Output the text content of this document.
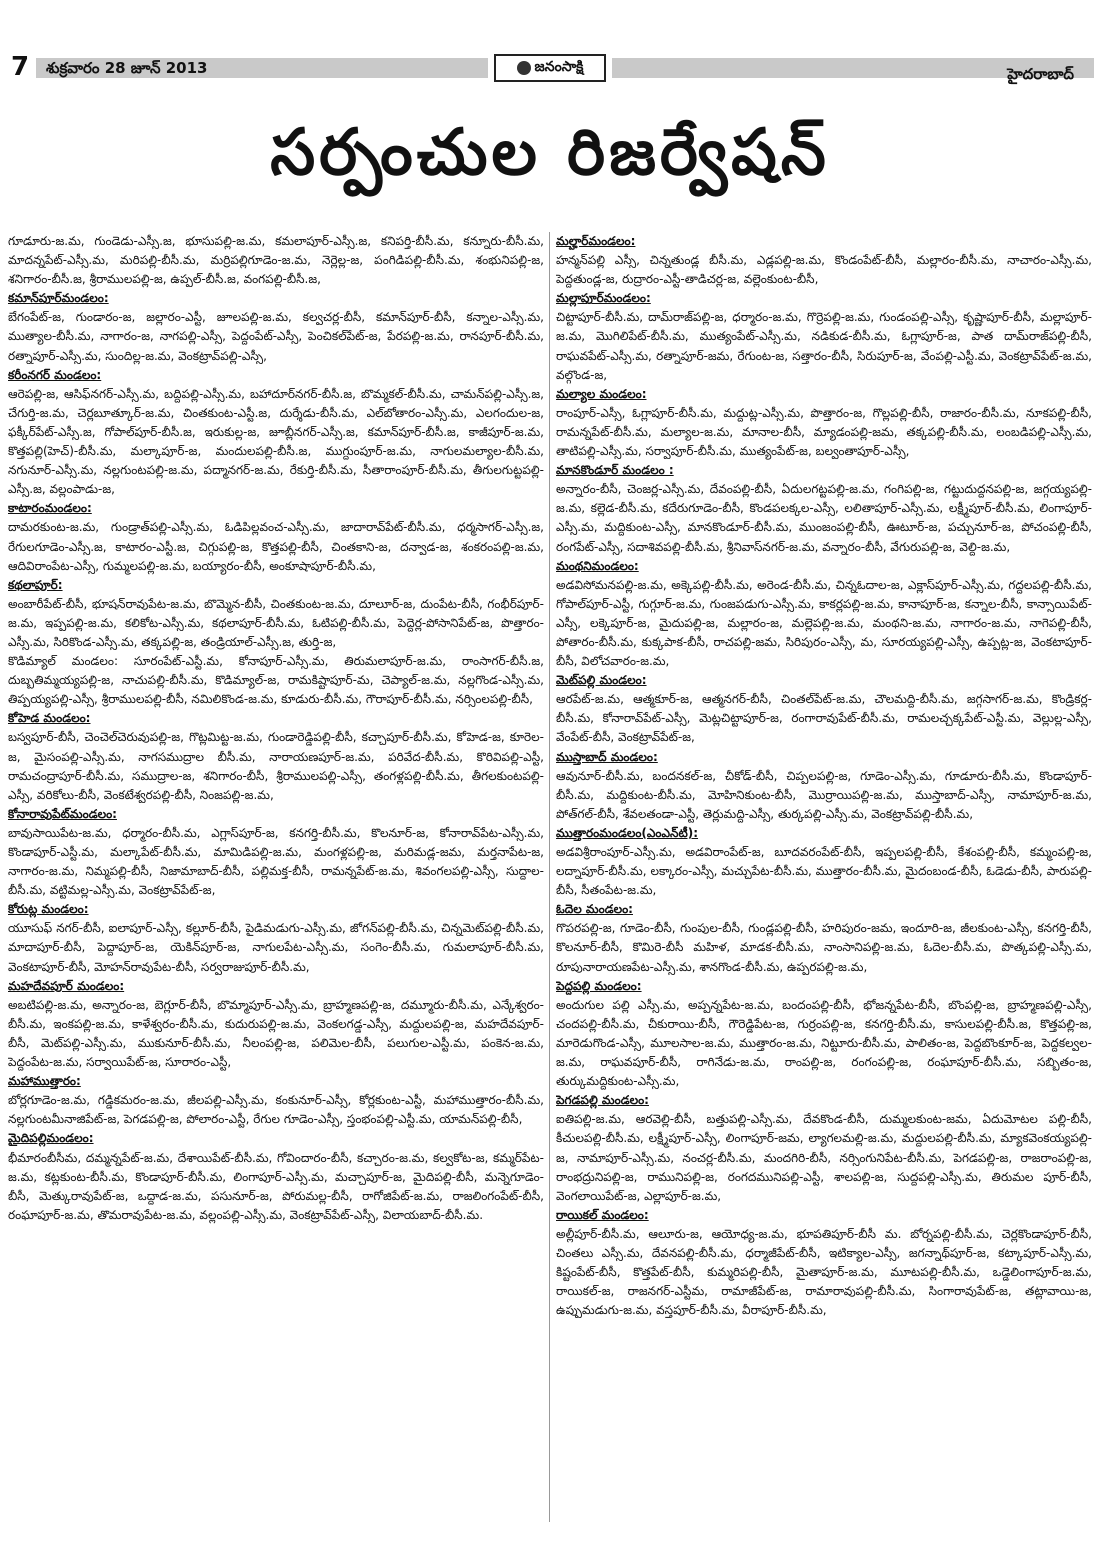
7	శుక్రవారం 28 జూన్ 2013	జనంసాక్షి	హైదరాబాద్
సర్పంచుల రిజర్వేషన్
గూడూరు-జ.మ, గుండెడు-ఎస్సీ.జ, భూసుపల్లి-జ.మ, కమలాపూర్-ఎస్సీ.జ, కనిపర్తి-బీసీ.మ, కన్నూరు-బీసీ.మ, మాదన్నపేట్-ఎస్సీ.మ, మరిపల్లి-బీసీ.మ, మర్రిపల్లిగూడెం-జ.మ, నెర్లెల్ల-జ, పంగిడిపల్లి-బీసీ.మ, శంభునిపల్లి-జ, శనిగారం-బీసీ.జ, శ్రీరాములపల్లి-జ, ఉప్పల్-బీసీ.జ, వంగపల్లి-బీసీ.జ,
కమాన్‌పూర్‌మండలం:
బేగంపేట్-జ, గుండారం-జ, జల్లారం-ఎస్టీ, జూలపల్లి-జ.మ, కల్వచర్ల-బీసీ, కమాన్‌పూర్-బీసీ, కన్నాల-ఎస్సీ.మ, ముత్యాల-బీసీ.మ, నాగారం-జ, నాగపల్లి-ఎస్సీ, పెద్దంపేట్-ఎస్సీ, పెంచికల్‌పేట్-జ, పేరపల్లి-జ.మ, రానపూర్-బీసీ.మ, రత్నాపూర్-ఎస్సీ.మ, సుందిల్ల-జ.మ, వెంకట్రావ్‌పల్లి-ఎస్సీ,
కరీంనగర్ మండలం:
ఆరెపల్లి-జ, ఆసిఫ్‌నగర్-ఎస్సీ.మ, బద్దిపల్లి-ఎస్సీ.మ, బహాదూర్‌నగర్-బీసీ.జ, బొమ్మకల్-బీసీ.మ, చామన్‌పల్లి-ఎస్సీ.జ, చేగుర్తి-జ.మ, చెర్లబూత్కూర్-జ.మ, చింతకుంట-ఎస్టీ.జ, దుర్శేడు-బీసీ.మ, ఎల్‌బోతారం-ఎస్సీ.మ, ఎలగందుల-జ, ఫక్కీర్‌పేట్-ఎస్సీ.జ, గోపాల్‌పూర్-బీసీ.జ, ఇరుకుల్ల-జ, జూబ్లీనగర్-ఎస్సీ.జ, కమాన్‌పూర్-బీసీ.జ, కాజీపూర్-జ.మ, కొత్తపల్లి(హెచ్)-బీసీ.మ, మల్కాపూర్-జ, మందులపల్లి-బీసీ.జ, ముగ్దుంపూర్-జ.మ, నాగులమల్యాల-బీసీ.మ, నగునూర్-ఎస్సీ.మ, నల్లగుంటపల్లి-జ.మ, పద్మానగర్-జ.మ, రేకుర్తి-బీసీ.మ, సీతారాంపూర్-బీసీ.మ, తీగులగుట్టపల్లి-ఎస్సీ.జ, వల్లంపాడు-జ,
కాటారంమండలం:
దామరకుంట-జ.మ, గుండ్రాత్‌పల్లి-ఎస్సీ.మ, ఓడిపిల్లవంచ-ఎస్సీ.మ, జాదారావ్‌పేట్-బీసీ.మ, ధర్మసాగర్-ఎస్సీ.జ, రేగులగూడెం-ఎస్సీ.జ, కాటారం-ఎస్టీ.జ, చిగ్గుపల్లి-జ, కొత్తపల్లి-బీసీ, చింతకాని-జ, దన్వాడ-జ, శంకరంపల్లి-జ.మ, ఆదివిరాంపేట-ఎస్సీ, గుమ్మలపల్లి-జ.మ, బయ్యారం-బీసీ, అంకూషాపూర్-బీసీ.మ,
కథలాపూర్:
అంబారీపేట్-బీసీ, భూషన్‌రావుపేట-జ.మ, బొమ్మెన-బీసీ, చింతకుంట-జ.మ, దూలూర్-జ, దుంపేట-బీసీ, గంభీర్‌పూర్-జ.మ, ఇప్పపల్లి-జ.మ, కలికోట-ఎస్సీ.మ, కథలాపూర్-బీసీ.మ, ఓటిపల్లి-బీసీ.మ, పెద్దెర్ల-పోసానిపేట్-జ, పొత్తారం-ఎస్సీ.మ, సిరికొండ-ఎస్సీ.మ, తక్కపల్లి-జ, తండ్రియాల్-ఎస్సీ.జ, తుర్తి-జ,
కొడిమ్యాల్ మండలం: సూరంపేట్-ఎస్టీ.మ, కోనాపూర్-ఎస్సీ.మ, తిరుమలాపూర్-జ.మ, రాంసాగర్-బీసీ.జ, దుబ్బతిమ్మయ్యపల్లి-జ, నాచుపల్లి-బీసీ.మ, కొడిమ్యాల్-జ, రామకిష్టాపూర్-మ, చెప్యాల్-జ.మ, నల్లగొండ-ఎస్సీ.మ, తిప్పయ్యపల్లి-ఎస్సీ, శ్రీరాములపల్లి-బీసీ, నమిలికొండ-జ.మ, కూడురు-బీసీ.మ, గౌరాపూర్-బీసీ.మ, నర్సింలపల్లి-బీసీ,
కోహెడ మండలం:
బస్వపూర్-బీసీ, చెంచెల్‌చెరువుపల్లి-జ, గొట్లమిట్ట-జ.మ, గుండారెడ్డిపల్లి-బీసీ, కచ్చాపూర్-బీసీ.మ, కోహెడ-జ, కూరెల-జ, మైసంపల్లి-ఎస్సీ.మ, నాగసముద్రాల బీసీ.మ, నారాయణపూర్-జ.మ, పరివేద-బీసీ.మ, కొరివిపల్లి-ఎస్టీ, రామచంద్రాపూర్-బీసీ.మ, సముద్రాల-జ, శనిగారం-బీసీ, శ్రీరాములపల్లి-ఎస్సీ, తంగళ్లపల్లి-బీసీ.మ, తీగలకుంటపల్లి-ఎస్సీ, వరికోలు-బీసీ, వెంకటేశ్వరపల్లి-బీసీ, నింజపల్లి-జ.మ,
కోనారావుపేట్‌మండలం:
బావుసాయిపేట-జ.మ, ధర్మారం-బీసీ.మ, ఎగ్లాస్‌పూర్-జ, కనగర్తి-బీసీ.మ, కొలనూర్-జ, కోనారావ్‌పేట-ఎస్సీ.మ, కొండాపూర్-ఎస్టీ.మ, మల్కాపేట్-బీసీ.మ, మామిడిపల్లి-జ.మ, మంగళ్లపల్లి-జ, మరిమడ్ల-జమ, మర్తనాపేట-జ, నాగారం-జ.మ, నిమ్మపల్లి-బీసీ, నిజామాబాద్-బీసీ, పల్లిమక్త-బీసీ, రామన్నపేట్-జ.మ, శివంగలపల్లి-ఎస్సీ, సుద్దాల-బీసీ.మ, వట్టిమల్ల-ఎస్సీ.మ, వెంకట్రావ్‌పేట్-జ,
కోరుట్ల మండలం:
యూసుఫ్ నగర్-బీసీ, ఐలాపూర్-ఎస్సీ, కల్లూర్-బీసీ, పైడిమడుగు-ఎస్సీ.మ, జోగన్‌పల్లి-బీసీ.మ, చిన్నమెట్‌పల్లి-బీసీ.మ, మాదాపూర్-బీసీ, పెద్దాపూర్-జ, యెకిన్‌పూర్-జ, నాగులపేట-ఎస్సీ.మ, సంగెం-బీసీ.మ, గుమలాపూర్-బీసీ.మ, వెంకటాపూర్-బీసీ, మోహన్‌రావుపేట-బీసీ, సర్వరాజుపూర్-బీసీ.మ,
మహదేవపూర్ మండలం:
అబటిపల్లి-జ.మ, అన్నారం-జ, బెగ్లూర్-బీసీ, బొమ్మాపూర్-ఎస్సీ.మ, బ్రాహ్మణపల్లి-జ, దమ్మూరు-బీసీ.మ, ఎన్కేశ్వరం-బీసీ.మ, ఇంకపల్లి-జ.మ, కాళేశ్వరం-బీసీ.మ, కుదురుపల్లి-జ.మ, వెంకలగడ్డ-ఎస్సీ, మద్దులపల్లి-జ, మహదేవపూర్-బీసీ, మెట్‌పల్లి-ఎస్సీ.మ, ముకునూర్-బీసీ.మ, నీలంపల్లి-జ, పలిమెల-బీసీ, పలుగుల-ఎస్టీ.మ, పంకెన-జ.మ, పెద్దంపేట-జ.మ, సర్వాయిపేట్-జ, సూరారం-ఎస్టీ,
మహాముత్తారం:
బోర్లగూడెం-జ.మ, గడ్డికమరం-జ.మ, జీలపల్లి-ఎస్సీ.మ, కంకునూర్-ఎస్సీ, కోర్లకుంట-ఎస్టీ, మహాముత్తారం-బీసీ.మ, నల్లగుంటమీనాజిపేట్-జ, పెగడపల్లి-జ, పోలారం-ఎస్టీ, రేగుల గూడెం-ఎస్సీ, స్తంభంపల్లి-ఎస్టీ.మ, యామన్‌పల్లి-బీసీ,
మైదిపల్లిమండలం:
భీమారంబీసీమ, దమ్మన్నపేట్-జ.మ, దేశాయిపేట్-బీసీ.మ, గోవిందారం-బీసీ, కచ్చారం-జ.మ, కల్వకోట-జ, కమ్మర్‌పేట-జ.మ, కట్లకుంట-బీసీ.మ, కొండాపూర్-బీసీ.మ, లింగాపూర్-ఎస్సీ.మ, మచ్చాపూర్-జ, మైదిపల్లి-బీసీ, మన్నెగూడెం-బీసీ, మెత్కురావుపేట్-జ, ఒద్దాడ-జ.మ, పసునూర్-జ, పోరుమల్ల-బీసీ, రాగోజిపేట్-జ.మ, రాజలింగంపేట్-బీసీ, రంఘాపూర్-జ.మ, తొమరావుపేట-జ.మ, వల్లంపల్లి-ఎస్సీ.మ, వెంకట్రావ్‌పేట్-ఎస్సీ, విలాయబాద్-బీసీ.మ.
మల్హార్‌మండలం:
హన్మన్‌పల్లి ఎస్సీ, చిన్నతుండ్ల బీసీ.మ, ఎడ్లపల్లి-జ.మ, కొండంపేట్-బీసీ, మల్లారం-బీసీ.మ, నాచారం-ఎస్సీ.మ, పెద్దతుండ్ల-జ, రుద్రారం-ఎస్టీ-తాడిచర్ల-జ, వల్లెంకుంట-బీసీ,
మల్లాపూర్‌మండలం:
చిట్టాపూర్-బీసీ.మ, దామ్‌రాజ్‌పల్లి-జ, ధర్మారం-జ.మ, గొర్రెపల్లి-జ.మ, గుండంపల్లి-ఎస్సీ, కృష్ణాపూర్-బీసీ, మల్లాపూర్-జ.మ, మొగిలిపేట్-బీసీ.మ, ముత్యంపేట్-ఎస్సీ.మ, నడికుడ-బీసీ.మ, ఓగ్లాపూర్-జ, పాత దామ్‌రాజ్‌పల్లి-బీసీ, రాఘవపేట్-ఎస్సీ.మ, రత్నాపూర్-జమ, రేగుంట-జ, సత్తారం-బీసీ, సిరుపూర్-జ, వేంపల్లి-ఎస్టీ.మ, వెంకట్రావ్‌పేట్-జ.మ, వల్గొండ-జ,
మల్యాల మండలం:
రాంపూర్-ఎస్సీ, ఓగ్లాపూర్-బీసీ.మ, మద్దుట్ల-ఎస్సీ.మ, పొత్తారం-జ, గొల్లపల్లి-బీసీ, రాజారం-బీసీ.మ, నూకపల్లి-బీసీ, రామన్నపేట్-బీసీ.మ, మల్యాల-జ.మ, మానాల-బీసీ, మ్యాడంపల్లి-జమ, తక్కపల్లి-బీసీ.మ, లంబడిపల్లి-ఎస్సీ.మ, తాటిపల్లి-ఎస్సీ.మ, సర్వాపూర్-బీసీ.మ, ముత్యంపేట్-జ, బల్వంతాపూర్-ఎస్సీ,
మానకొండూర్ మండలం :
అన్నారం-బీసీ, చెంజర్ల-ఎస్సీ.మ, దేవంపల్లి-బీసీ, ఏదులగట్టపల్లి-జ.మ, గంగిపల్లి-జ, గట్టుదుద్దనపల్లి-జ, జగ్గయ్యపల్లి-జ.మ, కల్లెడ-బీసీ.మ, కదేరుగూడెం-బీసీ, కొండపలక్కల-ఎస్సీ, లలితాపూర్-ఎస్సీ.మ, లక్ష్మీపూర్-బీసీ.మ, లింగాపూర్-ఎస్సీ.మ, మద్దికుంట-ఎస్సీ, మానకొండూర్-బీసీ.మ, ముంజంపల్లి-బీసీ, ఊటూర్-జ, పచ్చునూర్-జ, పోచంపల్లి-బీసీ, రంగపేట్-ఎస్సీ, సదాశివపల్లి-బీసీ.మ, శ్రీనివాస్‌నగర్-జ.మ, వన్నారం-బీసీ, వేగురుపల్లి-జ, వెల్ది-జ.మ,
మంథనిమండలం:
అడవిసోమనపల్లి-జ.మ, అక్కెపల్లి-బీసీ.మ, అరెండ-బీసీ.మ, చిన్నఓదాల-జ, ఎక్లాస్‌పూర్-ఎస్సీ.మ, గద్దలపల్లి-బీసీ.మ, గోపాల్‌పూర్-ఎస్టీ, గుగ్గూర్-జ.మ, గుంజపడుగు-ఎస్సీ.మ, కాకర్లపల్లి-జ.మ, కానాపూర్-జ, కన్నాల-బీసీ, కాన్సాయిపేట్-ఎస్సీ, లక్కెపూర్-జ, మైదుపల్లి-జ, మల్లారం-జ, మల్లెపల్లి-జ.మ, మంథని-జ.మ, నాగారం-జ.మ, నాగెపల్లి-బీసీ, పోతారం-బీసీ.మ, కుక్కపాక-బీసీ, రాచపల్లి-జమ, సిరిపురం-ఎస్సీ, మ, సూరయ్యపల్లి-ఎస్సీ, ఉప్పట్ల-జ, వెంకటాపూర్-బీసీ, విలోచవారం-జ.మ,
మెట్‌పల్లి మండలం:
ఆరపేట్-జ.మ, ఆత్మకూర్-జ, ఆత్మనగర్-బీసీ, చింతల్‌పేట్-జ.మ, చౌలమద్ది-బీసీ.మ, జగ్గసాగర్-జ.మ, కొండ్రికర్ల-బీసీ.మ, కోనారావ్‌పేట్-ఎస్సీ, మెట్లచిట్టాపూర్-జ, రంగారావుపేట్-బీసీ.మ, రామలచ్చక్కపేట్-ఎస్టీ.మ, వెల్లుల్ల-ఎస్సీ, వేంపేట్-బీసీ, వెంకట్రావ్‌పేట్-జ,
ముస్తాబాద్ మండలం:
ఆవునూర్-బీసీ.మ, బందనకల్-జ, చీకోడ్-బీసీ, చిప్పలపల్లి-జ, గూడెం-ఎస్సీ.మ, గూడూరు-బీసీ.మ, కొండాపూర్-బీసీ.మ, మద్దికుంట-బీసీ.మ, మోహినికుంట-బీసీ, మొర్రాయిపల్లి-జ.మ, ముస్తాబాద్-ఎస్సీ, నామాపూర్-జ.మ, పోత్‌గల్-బీసీ, శేవలతండా-ఎస్టీ, తెర్లుమద్ది-ఎస్సీ, తుర్కపల్లి-ఎస్సీ.మ, వెంకట్రావ్‌పల్లి-బీసీ.మ,
ముత్తారంమండలం(ఎంఎన్‌టీ):
అడవిశ్రీరాంపూర్-ఎస్సీ.మ, అడవిరాంపేట్-జ, బూదవరంపేట్-బీసీ, ఇప్పలపల్లి-బీసీ, కేశంపల్లి-బీసీ, కమ్మంపల్లి-జ, లద్నాపూర్-బీసీ.మ, లక్కారం-ఎస్సీ, మచ్చుపేట-బీసీ.మ, ముత్తారం-బీసీ.మ, మైదంబండ-బీసీ, ఓడెడు-బీసీ, పారుపల్లి-బీసీ, సీతంపేట-జ.మ,
ఓదెల మండలం:
గొపరపల్లి-జ, గూడెం-బీసీ, గుంపుల-బీసీ, గుండ్లపల్లి-బీసీ, హరిపురం-జమ, ఇందూరి-జ, జీలకుంట-ఎస్సీ, కనగర్తి-బీసీ, కొలనూర్-బీసీ, కొమిరె-బీసీ మహిళ, మాడక-బీసీ.మ, నాంసానిపల్లి-జ.మ, ఓదెల-బీసీ.మ, పొత్కపల్లి-ఎస్సీ.మ, రూపునారాయణపేట-ఎస్సీ.మ, శానగొండ-బీసీ.మ, ఉప్పరపల్లి-జ.మ,
పెద్దపల్లి మండలం:
అందుగుల పల్లి ఎస్సీ.మ, అప్పన్నపేట-జ.మ, బందంపల్లి-బీసీ, భోజన్నపేట-బీసీ, బొంపల్లి-జ, బ్రాహ్మణపల్లి-ఎస్సీ, చందపల్లి-బీసీ.మ, చీకురాయి-బీసీ, గౌరెడ్డిపేట-జ, గుర్రంపల్లి-జ, కనగర్తి-బీసీ.మ, కాసులపల్లి-బీసీ.జ, కొత్తపల్లి-జ, మారెడుగొండ-ఎస్సీ, మూలసాల-జ.మ, ముత్తారం-జ.మ, నిట్టూరు-బీసీ.మ, పాలితం-జ, పెద్దబొంకూర్-జ, పెద్దకల్వల-జ.మ, రాఘవపూర్-బీసీ, రాగినేడు-జ.మ, రాంపల్లి-జ, రంగంపల్లి-జ, రంఘాపూర్-బీసీ.మ, సబ్బితం-జ, తుర్కుమద్దికుంట-ఎస్సీ.మ,
పెగడపల్లి మండలం:
ఐతిపల్లి-జ.మ, ఆరవెల్లి-బీసీ, బత్తుపల్లి-ఎస్సీ.మ, దేవకొండ-బీసీ, దుమ్మలకుంట-జమ, ఏదుమోటల పల్లి-బీసీ, కీచులపల్లి-బీసీ.మ, లక్ష్మీపూర్-ఎస్సీ, లింగాపూర్-జమ, ల్యాగలమల్లి-జ.మ, మద్దులపల్లి-బీసీ.మ, మ్యాకవెంకయ్యపల్లి-జ, నామాపూర్-ఎస్సీ.మ, నంచర్ల-బీసీ.మ, మందగిరి-బీసీ, నర్సింగునిపేట-బీసీ.మ, పెగడపల్లి-జ, రాజరాంపల్లి-జ, రాంభద్రునిపల్లి-జ, రామునిపల్లి-జ, రంగదమునిపల్లి-ఎస్టీ, శాలపల్లి-జ, సుద్దపల్లి-ఎస్సీ.మ, తిరుమల పూర్-బీసీ, వెంగలాయిపేట్-జ, ఎల్లాపూర్-జ.మ,
రాయికల్ మండలం:
అల్లీపూర్-బీసీ.మ, ఆలూరు-జ, ఆయోధ్య-జ.మ, భూపతిపూర్-బీసీ మ. బోర్నపల్లి-బీసీ.మ, చెర్లకొండాపూర్-బీసీ, చింతలు ఎస్సీ.మ, దేవనపల్లి-బీసీ.మ, ధర్మాజీపేట్-బీసీ, ఇటిక్యాల-ఎస్సీ, జగన్నాథ్‌పూర్-జ, కట్కాపూర్-ఎస్సీ.మ, కిష్టంపేట్-బీసీ, కొత్తపేట్-బీసీ, కుమ్మరిపల్లి-బీసీ, మైతాపూర్-జ.మ, మూటపల్లి-బీసీ.మ, ఒడ్డెలింగాపూర్-జ.మ, రాయికల్-జ, రాజనగర్-ఎస్టీమ, రామాజీపేట్-జ, రామారావుపల్లి-బీసీ.మ, సింగారావుపేట్-జ, తట్లావాయి-జ, ఉప్పుమడుగు-జ.మ, వస్తపూర్-బీసీ.మ, వీరాపూర్-బీసీ.మ,
